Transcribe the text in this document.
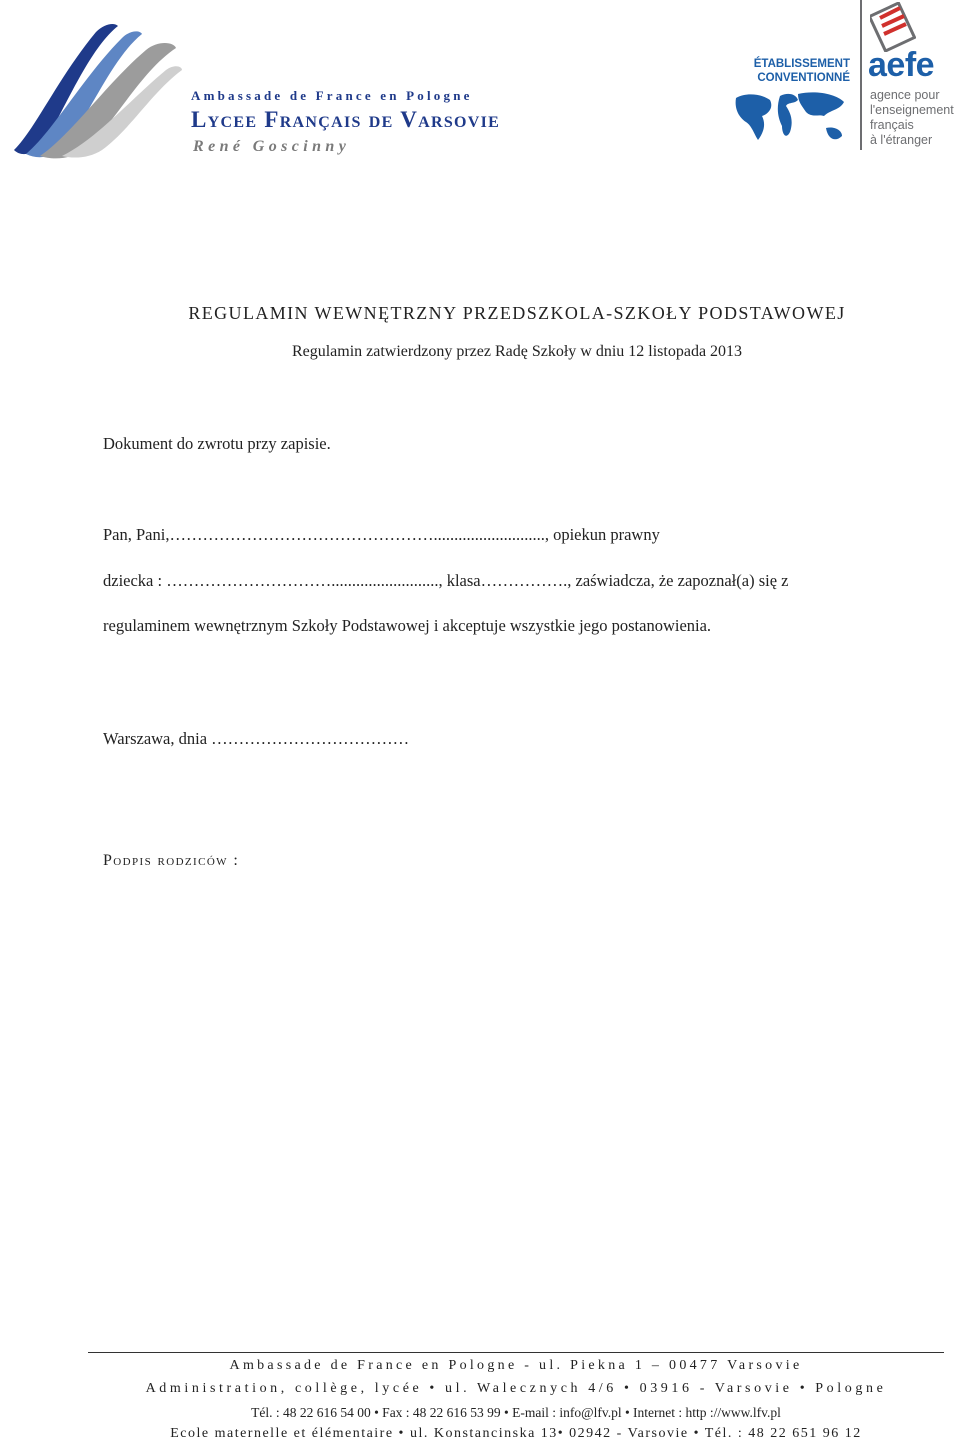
Ambassade de France en Pologne
Lycee Français de Varsovie
René Goscinny
ÉTABLISSEMENT
CONVENTIONNÉ aefe
agence pour
l'enseignement
français
à l'étranger
REGULAMIN WEWNĘTRZNY PRZEDSZKOLA-SZKOŁY PODSTAWOWEJ
Regulamin zatwierdzony przez Radę Szkoły w dniu 12 listopada 2013
Dokument do zwrotu przy zapisie.
Pan, Pani,…………………………………………..........................., opiekun prawny
dziecka : ………………………….........................., klasa……………., zaświadcza, że zapoznał(a) się z
regulaminem wewnętrznym Szkoły Podstawowej i akceptuje wszystkie jego postanowienia.
Warszawa, dnia ………………………………
Podpis rodziców :
Ambassade de France en Pologne - ul. Piekna 1 – 00477 Varsovie
Administration, collège, lycée • ul. Walecznych 4/6 • 03916 - Varsovie • Pologne
Tél. : 48 22 616 54 00 • Fax : 48 22 616 53 99 • E-mail : info@lfv.pl • Internet : http ://www.lfv.pl
Ecole maternelle et élémentaire • ul. Konstancinska 13• 02942 - Varsovie • Tél. : 48 22 651 96 12
